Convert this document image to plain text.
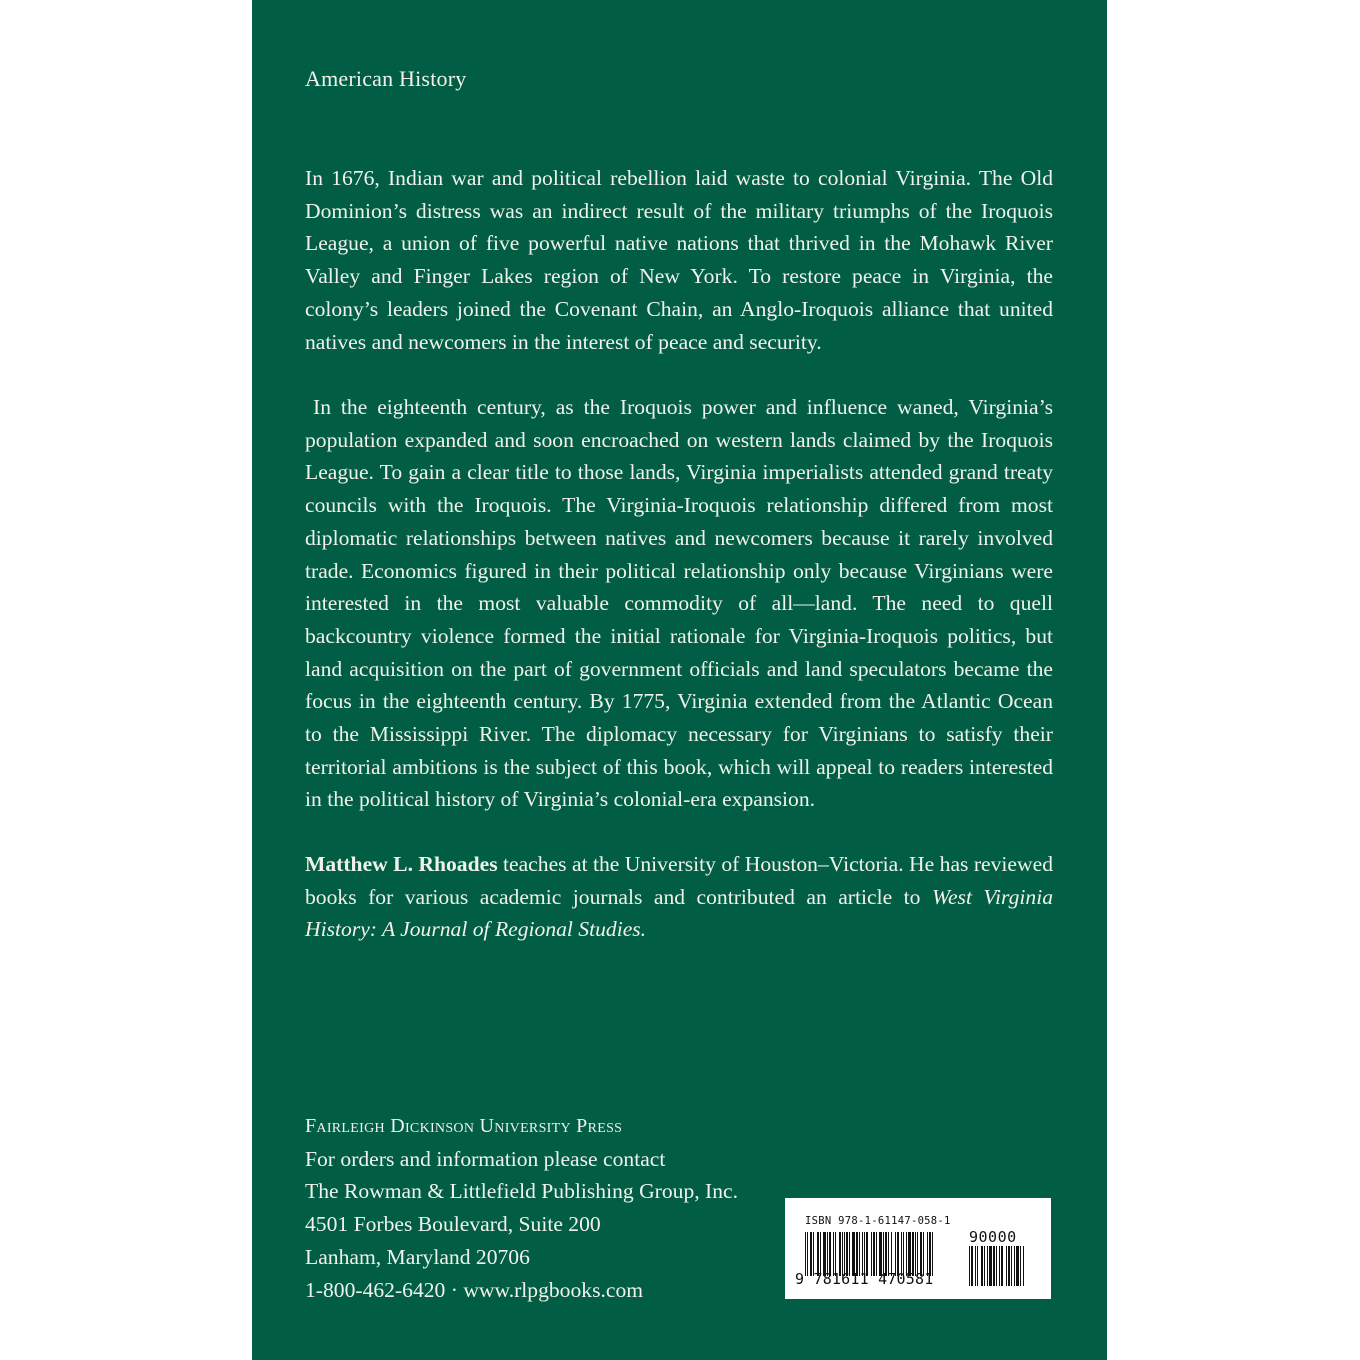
American History

In 1676, Indian war and political rebellion laid waste to colonial Virginia. The Old Dominion’s distress was an indirect result of the military triumphs of the Iroquois League, a union of five powerful native nations that thrived in the Mohawk River Valley and Finger Lakes region of New York. To restore peace in Virginia, the colony’s leaders joined the Covenant Chain, an Anglo-Iroquois alliance that united natives and newcomers in the interest of peace and security.

In the eighteenth century, as the Iroquois power and influence waned, Virginia’s population expanded and soon encroached on western lands claimed by the Iroquois League. To gain a clear title to those lands, Virginia imperialists attended grand treaty councils with the Iroquois. The Virginia-Iroquois relationship differed from most diplomatic relationships between natives and newcomers because it rarely involved trade. Economics figured in their political relationship only because Virginians were interested in the most valuable commodity of all—land. The need to quell backcountry violence formed the initial rationale for Virginia-Iroquois politics, but land acquisition on the part of government officials and land speculators became the focus in the eighteenth century. By 1775, Virginia extended from the Atlantic Ocean to the Mississippi River. The diplomacy necessary for Virginians to satisfy their territorial ambitions is the subject of this book, which will appeal to readers interested in the political history of Virginia’s colonial-era expansion.

Matthew L. Rhoades teaches at the University of Houston–Victoria. He has reviewed books for various academic journals and contributed an article to West Virginia History: A Journal of Regional Studies.

Fairleigh Dickinson University Press
For orders and information please contact
The Rowman & Littlefield Publishing Group, Inc.
4501 Forbes Boulevard, Suite 200
Lanham, Maryland 20706
1-800-462-6420 · www.rlpgbooks.com
ISBN 978-1-61147-058-1
90000
9 781611 470581
